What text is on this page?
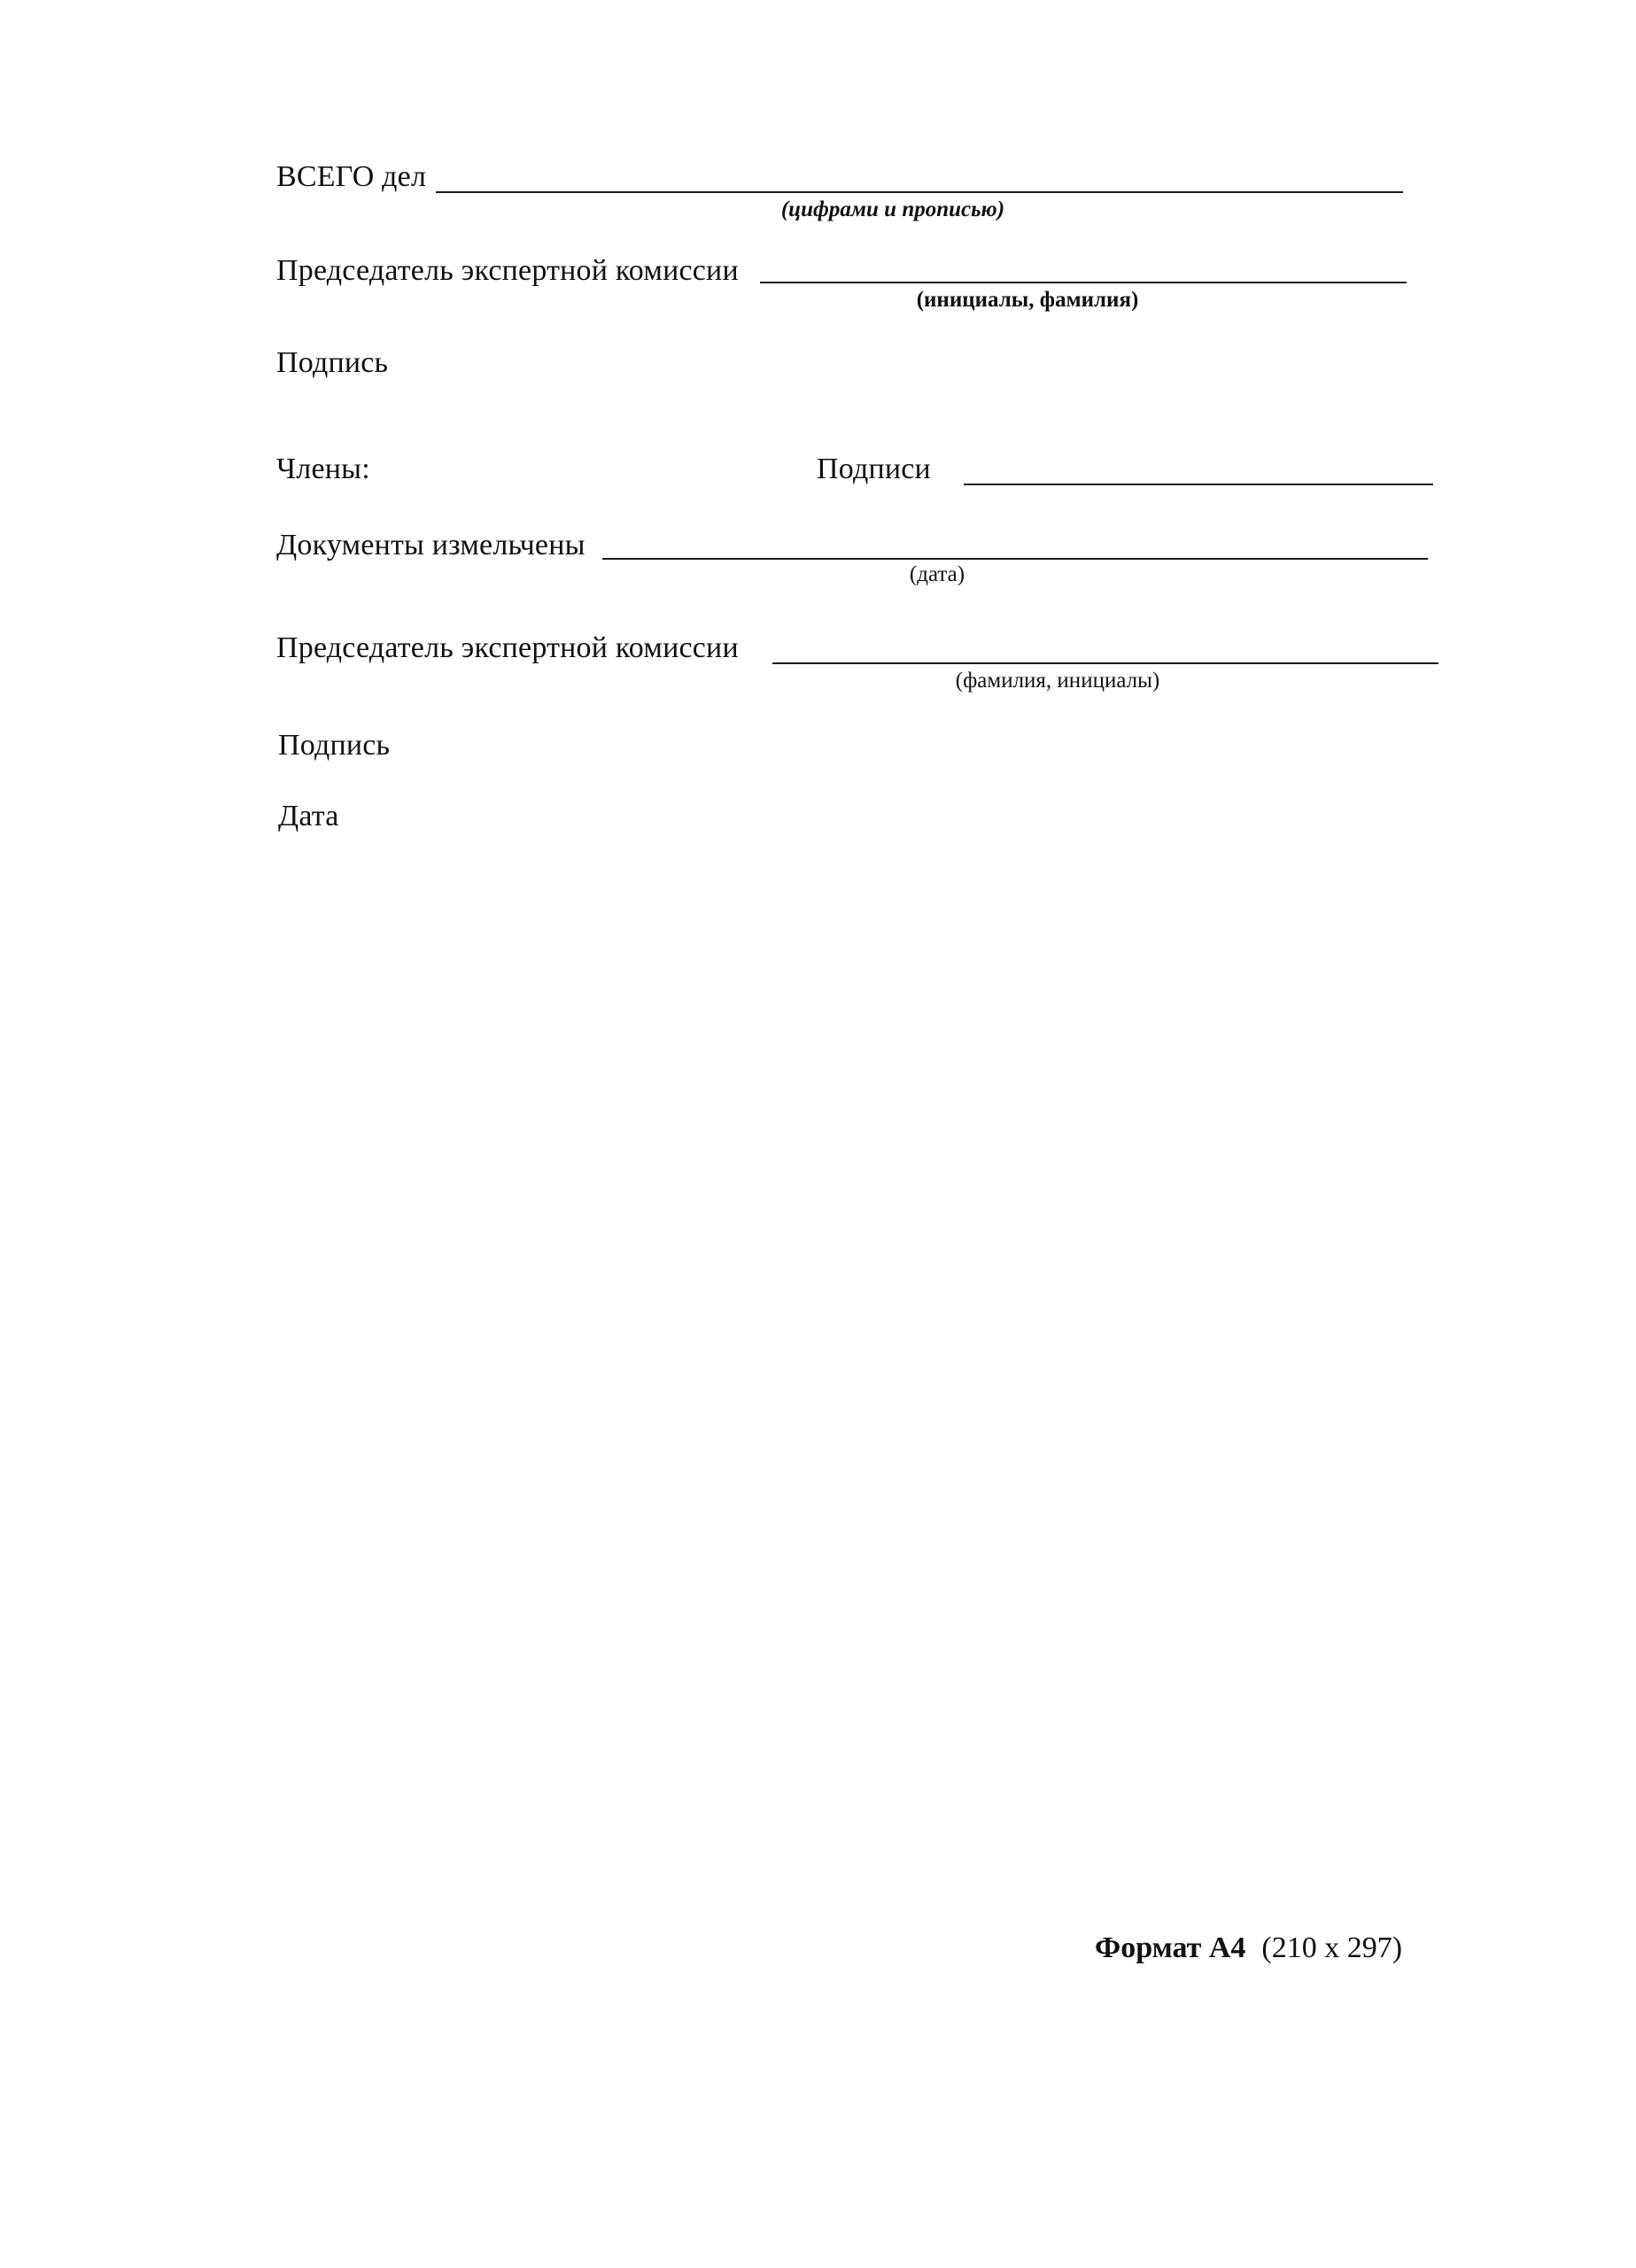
ВСЕГО дел
(цифрами и прописью)
Председатель экспертной комиссии
(инициалы, фамилия)
Подпись
Члены:	Подписи
Документы измельчены
(дата)
Председатель экспертной комиссии
(фамилия, инициалы)
Подпись
Дата
Формат А4 (210 x 297)
